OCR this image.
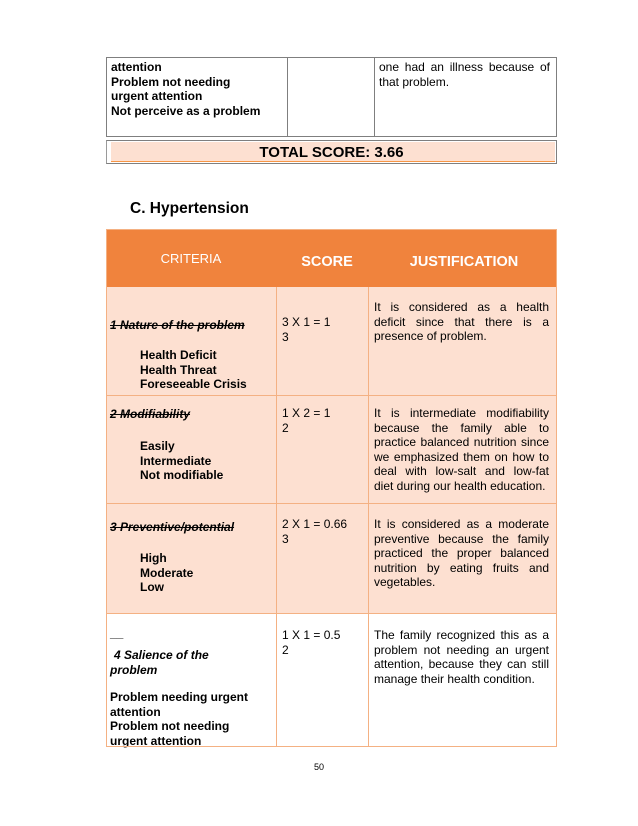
attention
Problem not needing
urgent attention
Not perceive as a problem
one had an illness because of
that problem.
TOTAL SCORE: 3.66
C. Hypertension
CRITERIA	SCORE	JUSTIFICATION
1 Nature of the problem
Health Deficit
Health Threat
Foreseeable Crisis
3 X 1 = 1
3
It is considered as a health
deficit since that there is a
presence of problem.
2 Modifiability
Easily
Intermediate
Not modifiable
1 X 2 = 1
2
It is intermediate modifiability
because the family able to
practice balanced nutrition since
we emphasized them on how to
deal with low-salt and low-fat
diet during our health education.
3 Preventive/potential
High
Moderate
Low
2 X 1 = 0.66
3
It is considered as a moderate
preventive because the family
practiced the proper balanced
nutrition by eating fruits and
vegetables.
__
4 Salience of the
problem
Problem needing urgent
attention
Problem not needing
urgent attention
1 X 1 = 0.5
2
The family recognized this as a
problem not needing an urgent
attention, because they can still
manage their health condition.
50
